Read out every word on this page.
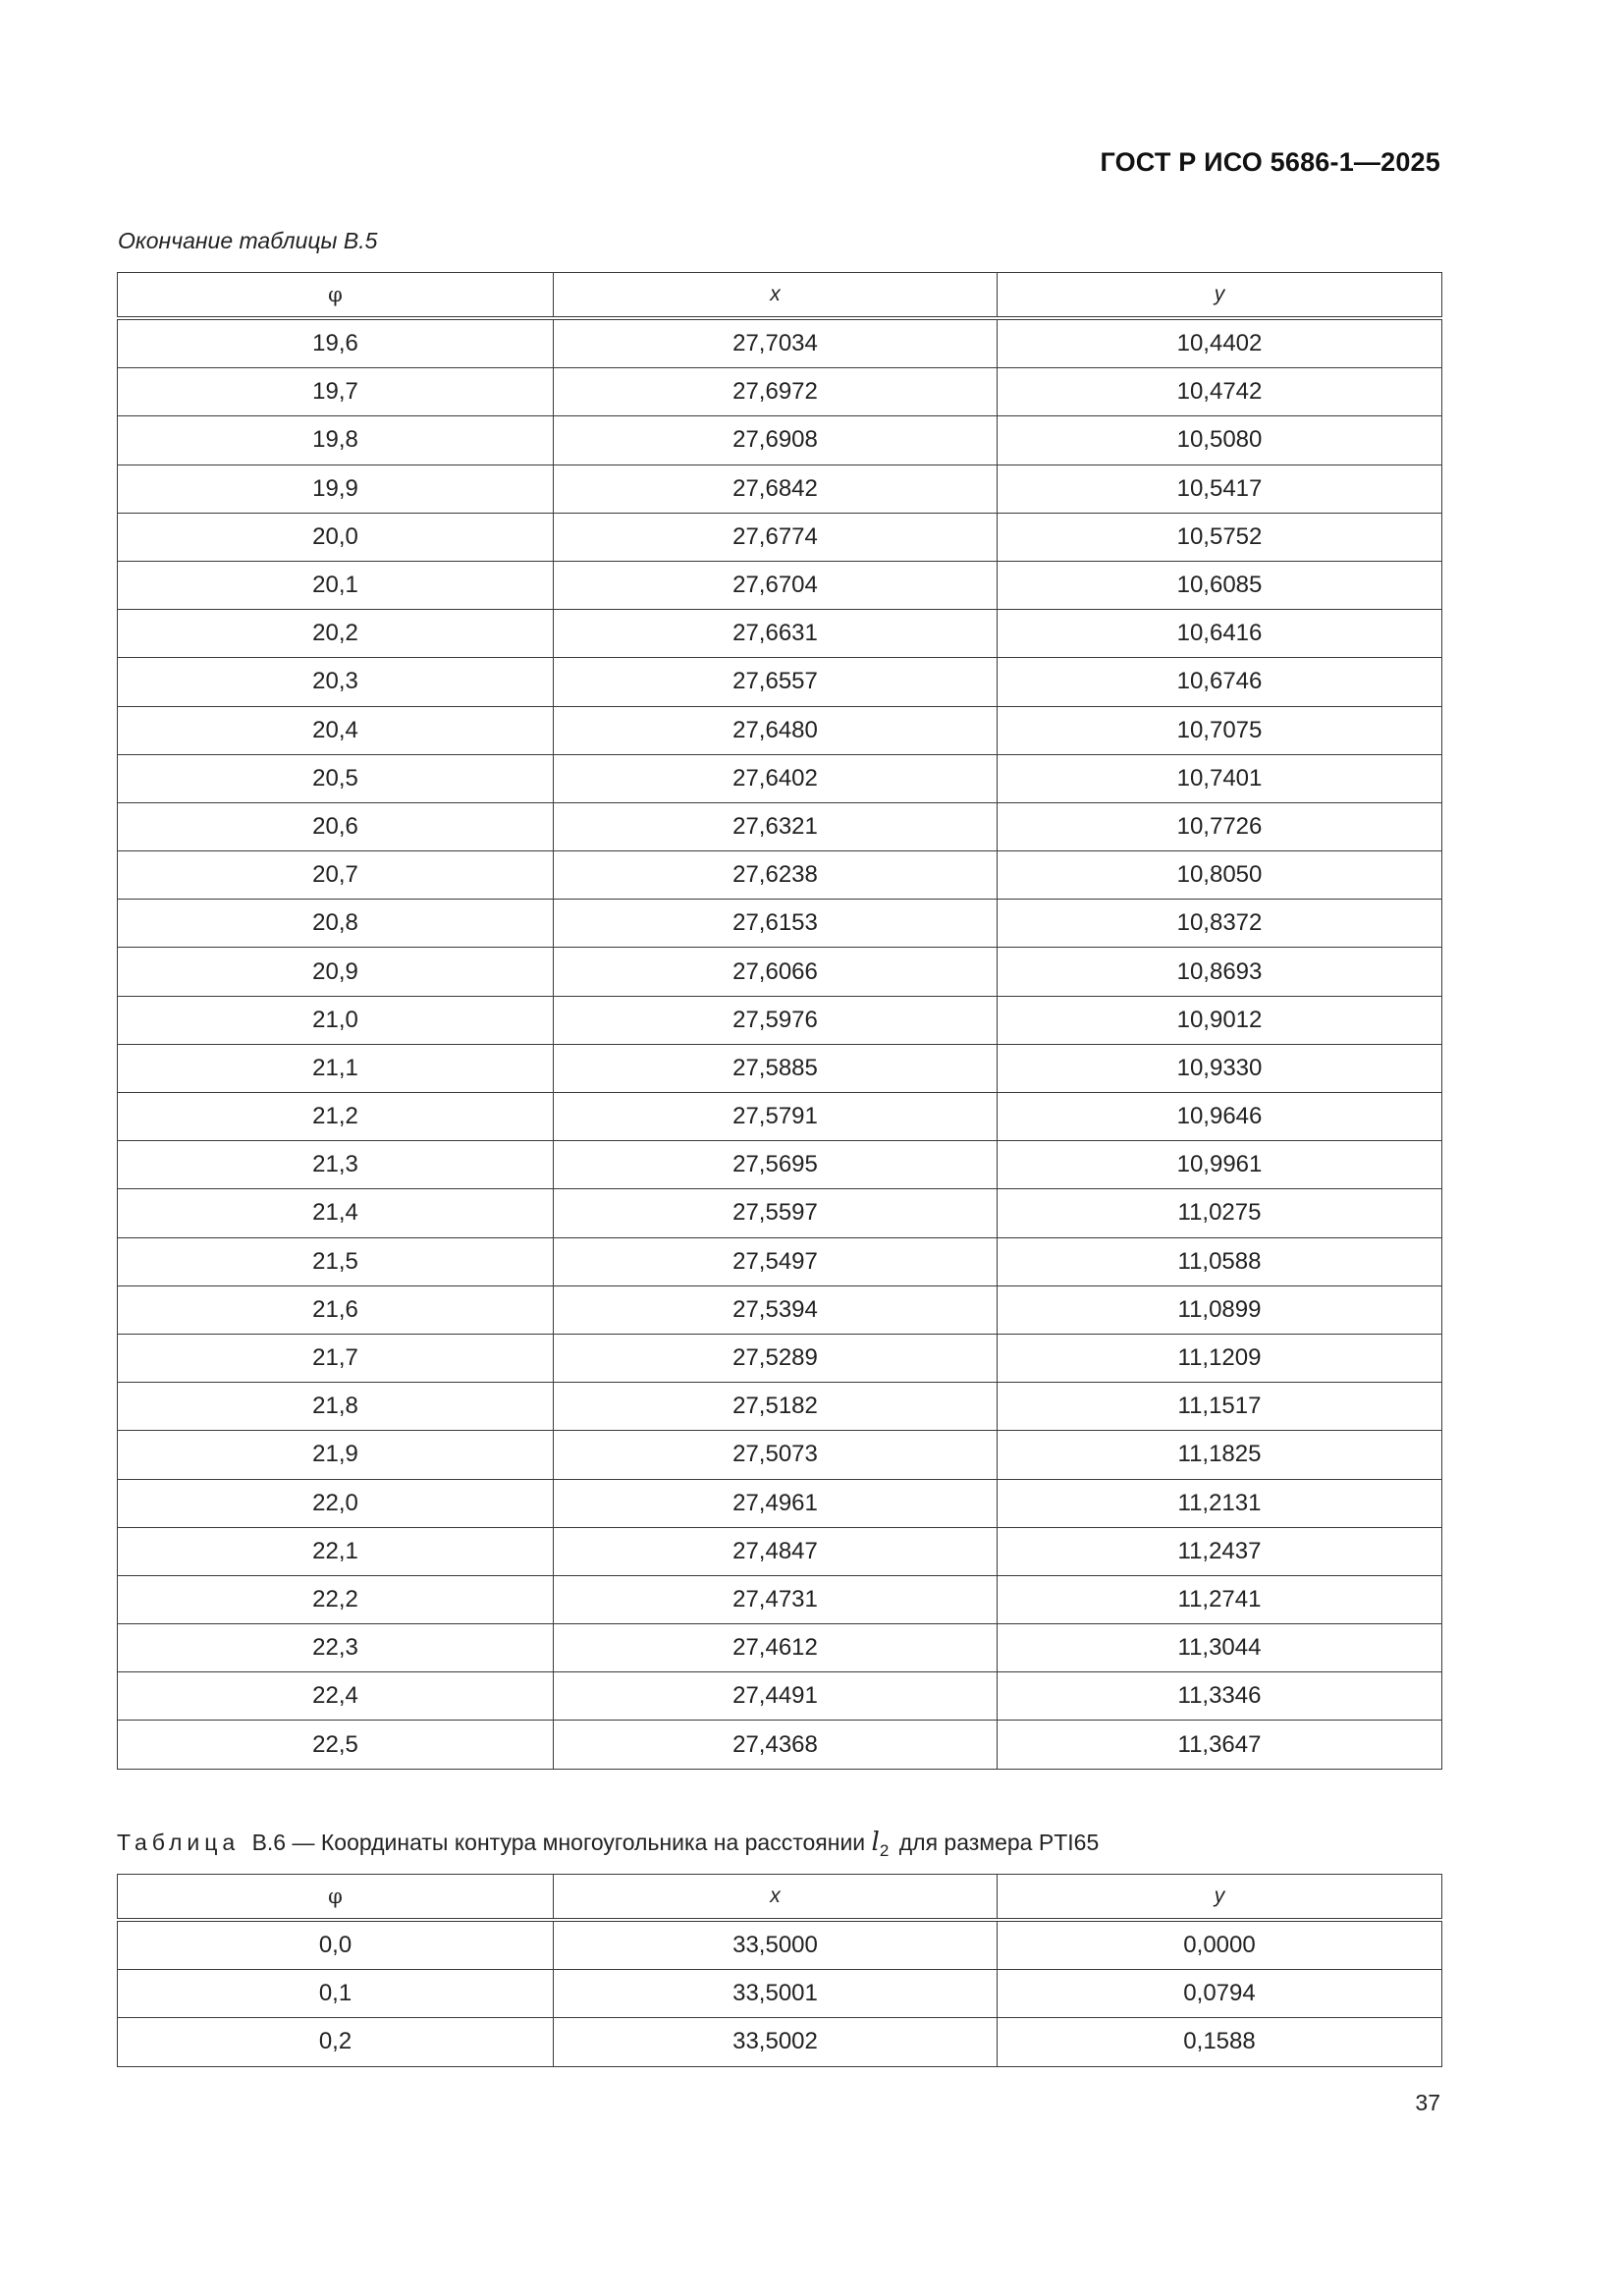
ГОСТ Р ИСО 5686-1—2025
Окончание таблицы В.5
φ	x	y
19,6	27,7034	10,4402
19,7	27,6972	10,4742
19,8	27,6908	10,5080
19,9	27,6842	10,5417
20,0	27,6774	10,5752
20,1	27,6704	10,6085
20,2	27,6631	10,6416
20,3	27,6557	10,6746
20,4	27,6480	10,7075
20,5	27,6402	10,7401
20,6	27,6321	10,7726
20,7	27,6238	10,8050
20,8	27,6153	10,8372
20,9	27,6066	10,8693
21,0	27,5976	10,9012
21,1	27,5885	10,9330
21,2	27,5791	10,9646
21,3	27,5695	10,9961
21,4	27,5597	11,0275
21,5	27,5497	11,0588
21,6	27,5394	11,0899
21,7	27,5289	11,1209
21,8	27,5182	11,1517
21,9	27,5073	11,1825
22,0	27,4961	11,2131
22,1	27,4847	11,2437
22,2	27,4731	11,2741
22,3	27,4612	11,3044
22,4	27,4491	11,3346
22,5	27,4368	11,3647
Таблица В.6 — Координаты контура многоугольника на расстоянии $l_2$ для размера PTI65
φ	x	y
0,0	33,5000	0,0000
0,1	33,5001	0,0794
0,2	33,5002	0,1588
37
